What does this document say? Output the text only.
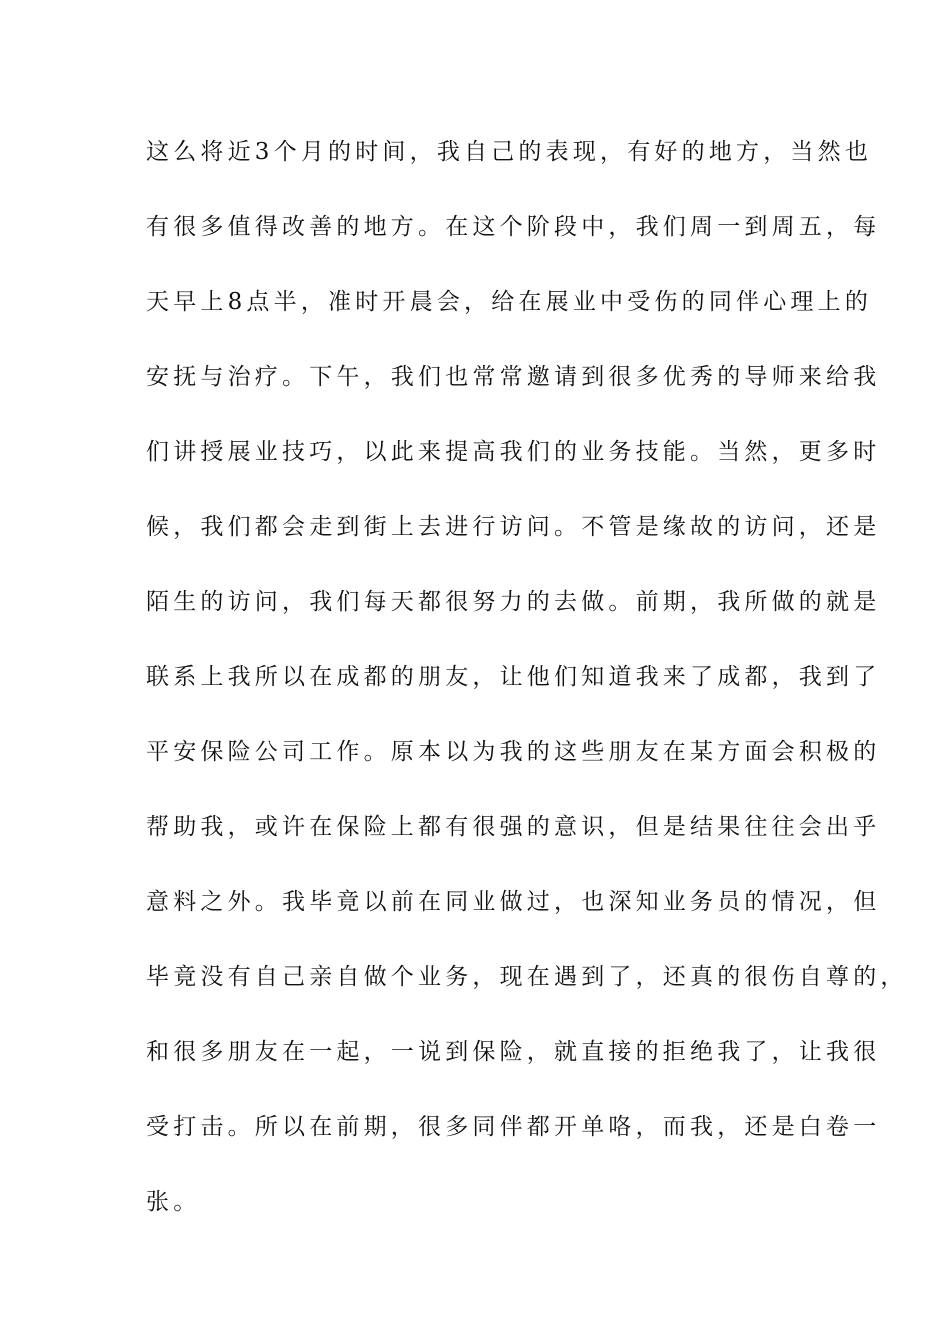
这么将近3个月的时间，我自己的表现，有好的地方，当然也
有很多值得改善的地方。在这个阶段中，我们周一到周五，每
天早上8点半，准时开晨会，给在展业中受伤的同伴心理上的
安抚与治疗。下午，我们也常常邀请到很多优秀的导师来给我
们讲授展业技巧，以此来提高我们的业务技能。当然，更多时
候，我们都会走到街上去进行访问。不管是缘故的访问，还是
陌生的访问，我们每天都很努力的去做。前期，我所做的就是
联系上我所以在成都的朋友，让他们知道我来了成都，我到了
平安保险公司工作。原本以为我的这些朋友在某方面会积极的
帮助我，或许在保险上都有很强的意识，但是结果往往会出乎
意料之外。我毕竟以前在同业做过，也深知业务员的情况，但
毕竟没有自己亲自做个业务，现在遇到了，还真的很伤自尊的，
和很多朋友在一起，一说到保险，就直接的拒绝我了，让我很
受打击。所以在前期，很多同伴都开单咯，而我，还是白卷一
张。
